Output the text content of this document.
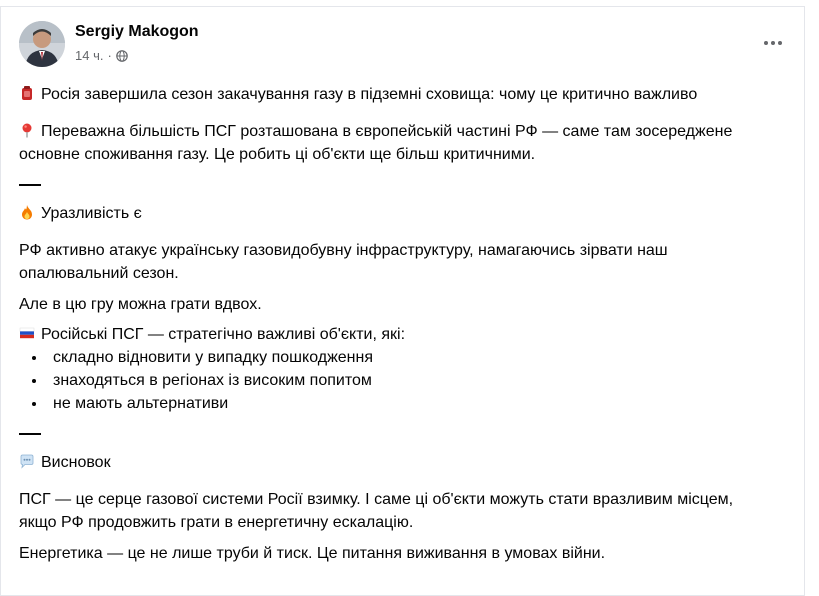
Sergiy Makogon
14 ч. ·

Росія завершила сезон закачування газу в підземні сховища: чому це критично важливо

Переважна більшість ПСГ розташована в європейській частині РФ — саме там зосереджене
основне споживання газу. Це робить ці об'єкти ще більш критичними.

Уразливість є

РФ активно атакує українську газовидобувну інфраструктуру, намагаючись зірвати наш
опалювальний сезон.

Але в цю гру можна грати вдвох.

Російські ПСГ — стратегічно важливі об'єкти, які:

складно відновити у випадку пошкодження
знаходяться в регіонах із високим попитом
не мають альтернативи

Висновок

ПСГ — це серце газової системи Росії взимку. І саме ці об'єкти можуть стати вразливим місцем,
якщо РФ продовжить грати в енергетичну ескалацію.

Енергетика — це не лише труби й тиск. Це питання виживання в умовах війни.
